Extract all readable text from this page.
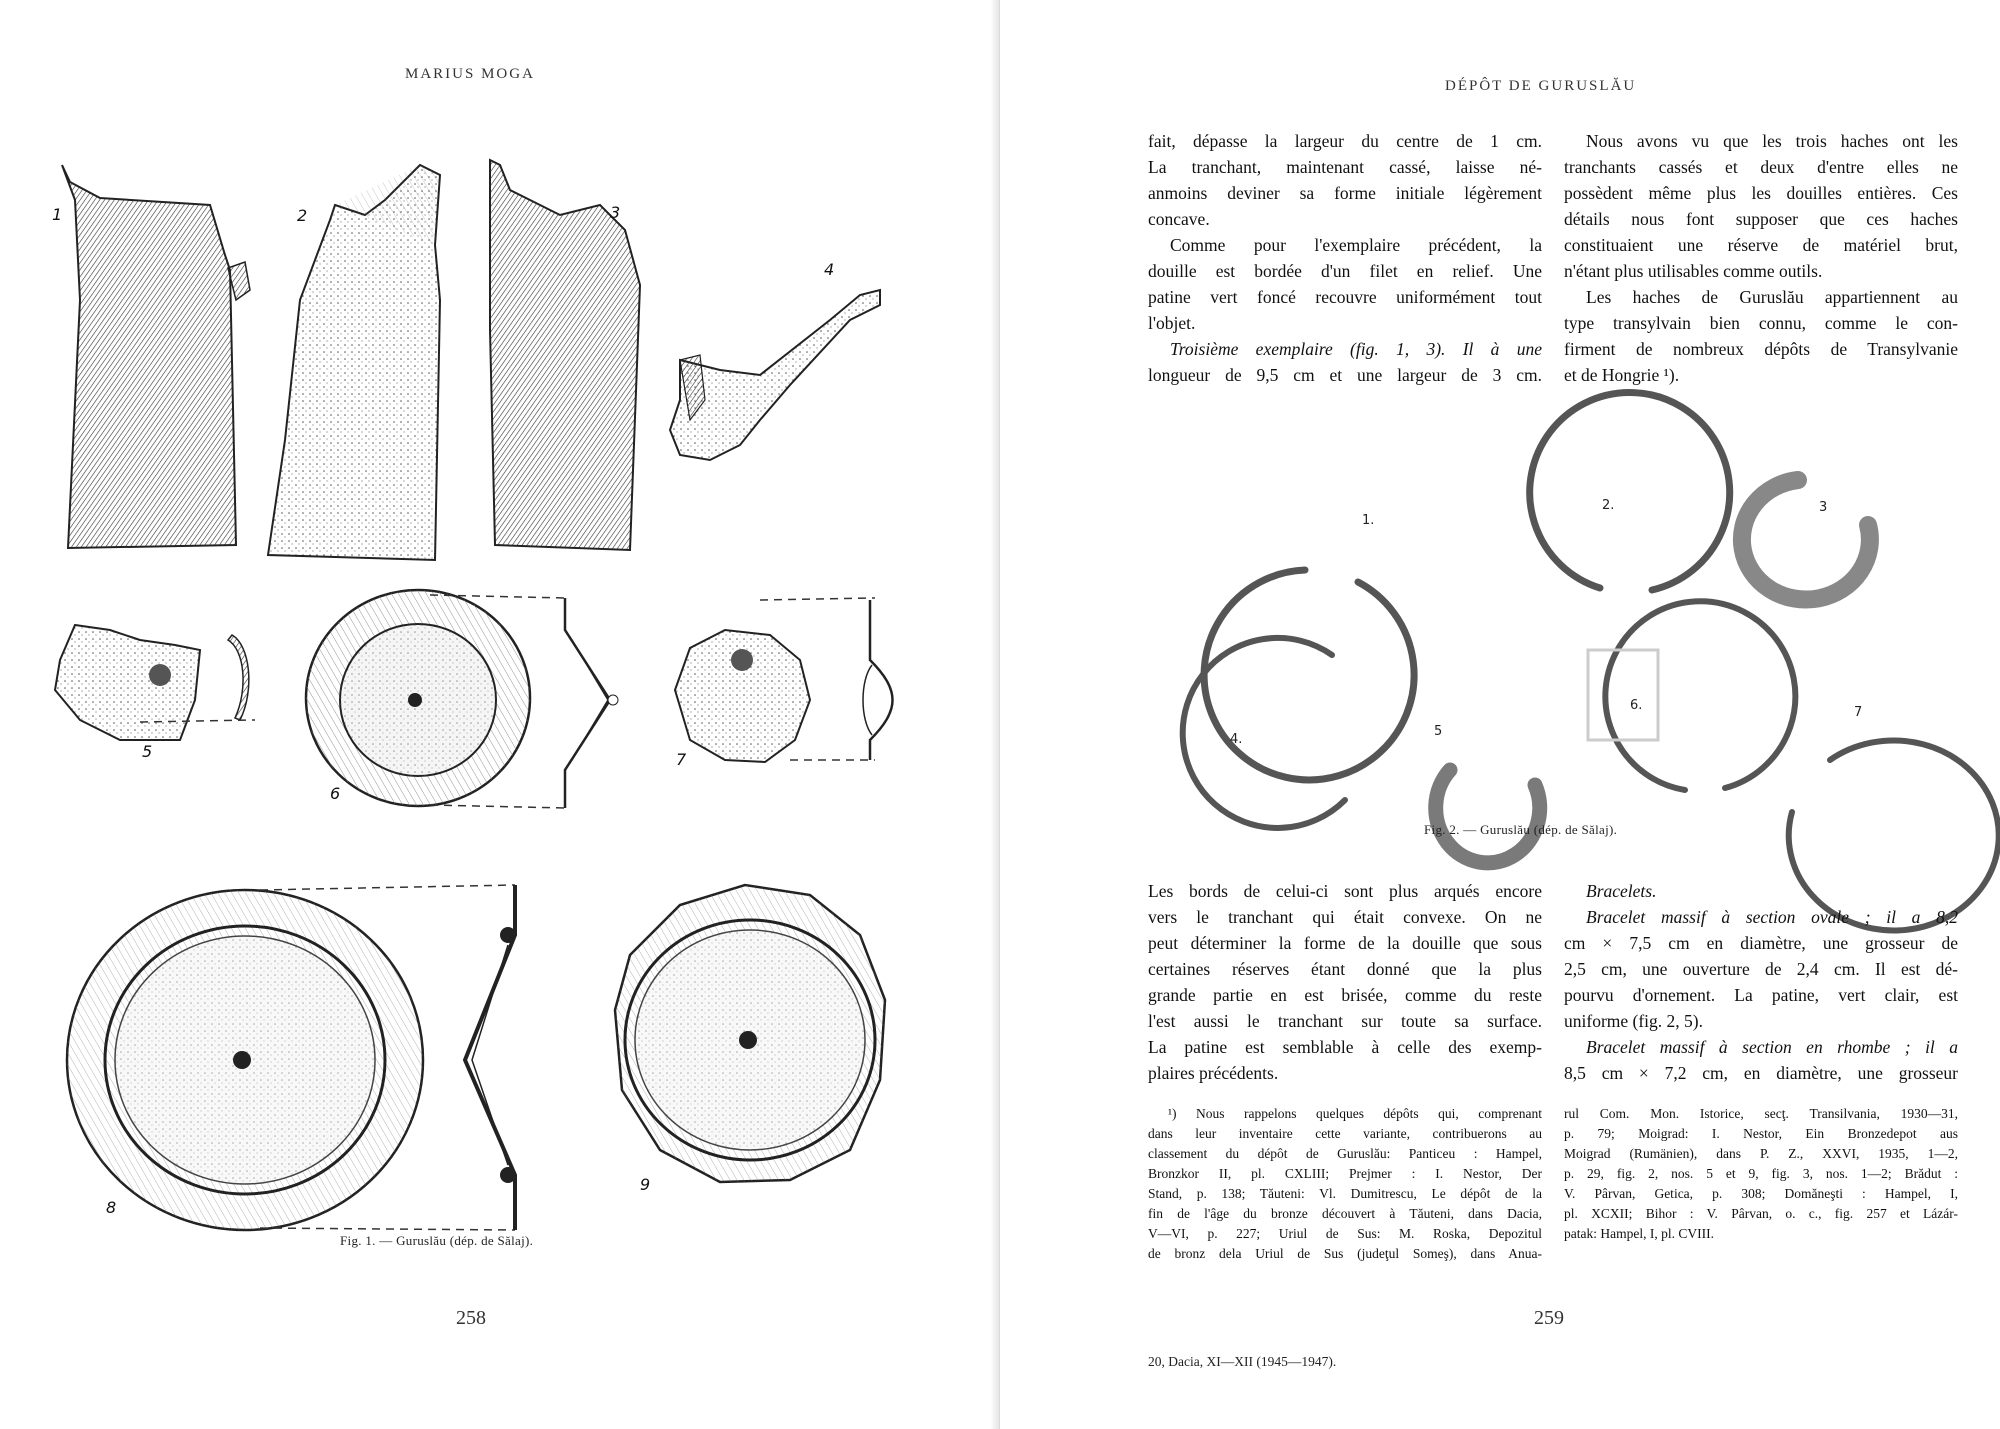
MARIUS MOGA
1	2	3
4
5
6
7
8
9
Fig. 1. — Guruslău (dép. de Sălaj).
258
DÉPÔT DE GURUSLĂU
fait, dépasse la largeur du centre de 1 cm.
La tranchant, maintenant cassé, laisse né-
anmoins deviner sa forme initiale légèrement
concave.
Comme pour l'exemplaire précédent, la
douille est bordée d'un filet en relief. Une
patine vert foncé recouvre uniformément tout
l'objet.
Troisième exemplaire (fig. 1, 3). Il à une
longueur de 9,5 cm et une largeur de 3 cm.
Nous avons vu que les trois haches ont les
tranchants cassés et deux d'entre elles ne
possèdent même plus les douilles entières. Ces
détails nous font supposer que ces haches
constituaient une réserve de matériel brut,
n'étant plus utilisables comme outils.
Les haches de Guruslău appartiennent au
type transylvain bien connu, comme le con-
firment de nombreux dépôts de Transylvanie
et de Hongrie ¹).
1.
2.	3
4.
5
6.	7
Fig. 2. — Guruslău (dép. de Sălaj).
Les bords de celui-ci sont plus arqués encore
vers le tranchant qui était convexe. On ne
peut déterminer la forme de la douille que sous
certaines réserves étant donné que la plus
grande partie en est brisée, comme du reste
l'est aussi le tranchant sur toute sa surface.
La patine est semblable à celle des exemp-
plaires précédents.
Bracelets.
Bracelet massif à section ovale ; il a 8,2
cm × 7,5 cm en diamètre, une grosseur de
2,5 cm, une ouverture de 2,4 cm. Il est dé-
pourvu d'ornement. La patine, vert clair, est
uniforme (fig. 2, 5).
Bracelet massif à section en rhombe ; il a
8,5 cm × 7,2 cm, en diamètre, une grosseur
¹) Nous rappelons quelques dépôts qui, comprenant
dans leur inventaire cette variante, contribuerons au
classement du dépôt de Guruslău: Panticeu : Hampel,
Bronzkor II, pl. CXLIII; Prejmer : I. Nestor, Der
Stand, p. 138; Tăuteni: Vl. Dumitrescu, Le dépôt de la
fin de l'âge du bronze découvert à Tăuteni, dans Dacia,
V—VI, p. 227; Uriul de Sus: M. Roska, Depozitul
de bronz dela Uriul de Sus (judeţul Someş), dans Anua-
rul Com. Mon. Istorice, secţ. Transilvania, 1930—31,
p. 79; Moigrad: I. Nestor, Ein Bronzedepot aus
Moigrad (Rumänien), dans P. Z., XXVI, 1935, 1—2,
p. 29, fig. 2, nos. 5 et 9, fig. 3, nos. 1—2; Brădut :
V. Pârvan, Getica, p. 308; Domăneşti : Hampel, I,
pl. XCXII; Bihor : V. Pârvan, o. c., fig. 257 et Lázár-
patak: Hampel, I, pl. CVIII.
259
20, Dacia, XI—XII (1945—1947).
